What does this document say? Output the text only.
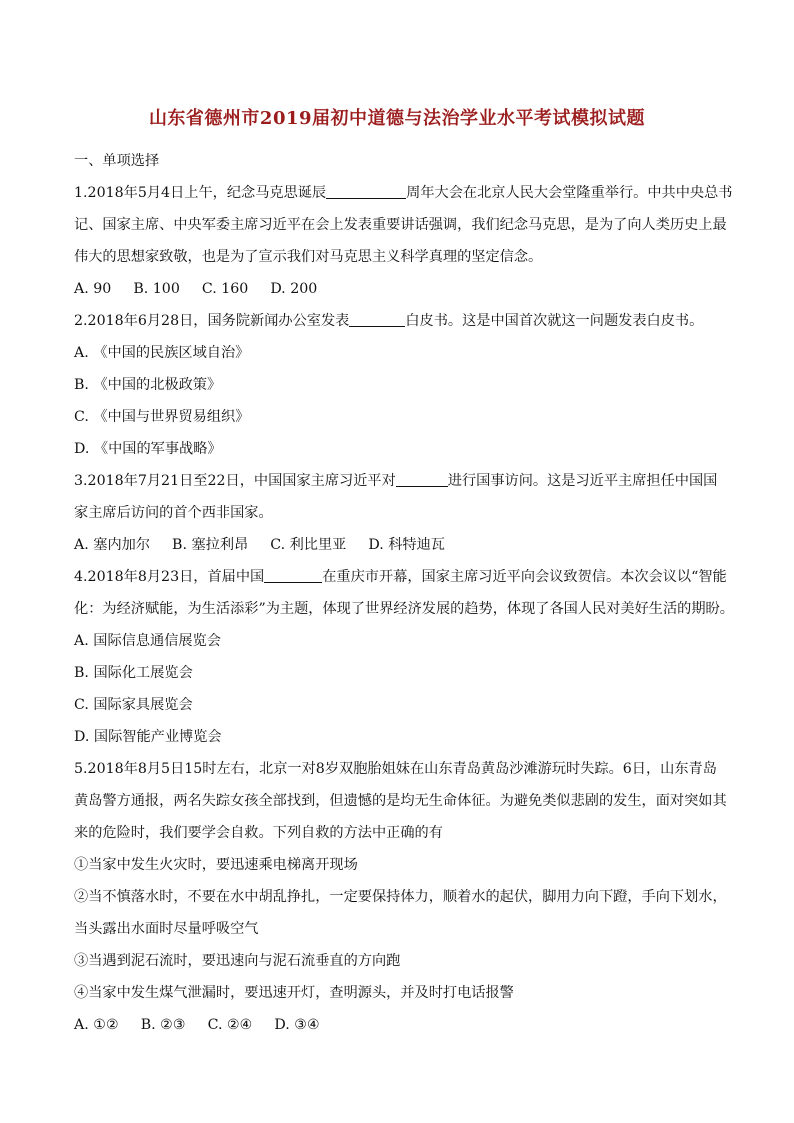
山东省德州市2019届初中道德与法治学业水平考试模拟试题
一、单项选择
1.2018年5月4日上午，纪念马克思诞辰	周年大会在北京人民大会堂隆重举行。中共中央总书
记、国家主席、中央军委主席习近平在会上发表重要讲话强调，我们纪念马克思，是为了向人类历史上最
伟大的思想家致敬，也是为了宣示我们对马克思主义科学真理的坚定信念。
A. 90 B. 100 C. 160 D. 200
2.2018年6月28日，国务院新闻办公室发表	白皮书。这是中国首次就这一问题发表白皮书。
A. 《中国的民族区域自治》
B. 《中国的北极政策》
C. 《中国与世界贸易组织》
D. 《中国的军事战略》
3.2018年7月21日至22日，中国国家主席习近平对	进行国事访问。这是习近平主席担任中国国
家主席后访问的首个西非国家。
A. 塞内加尔 B. 塞拉利昂 C. 利比里亚 D. 科特迪瓦
4.2018年8月23日，首届中国	在重庆市开幕，国家主席习近平向会议致贺信。本次会议以“智能
化：为经济赋能，为生活添彩”为主题，体现了世界经济发展的趋势，体现了各国人民对美好生活的期盼。
A. 国际信息通信展览会
B. 国际化工展览会
C. 国际家具展览会
D. 国际智能产业博览会
5.2018年8月5日15时左右，北京一对8岁双胞胎姐妹在山东青岛黄岛沙滩游玩时失踪。6日，山东青岛
黄岛警方通报，两名失踪女孩全部找到，但遗憾的是均无生命体征。为避免类似悲剧的发生，面对突如其
来的危险时，我们要学会自救。下列自救的方法中正确的有
①当家中发生火灾时，要迅速乘电梯离开现场
②当不慎落水时，不要在水中胡乱挣扎，一定要保持体力，顺着水的起伏，脚用力向下蹬，手向下划水，
当头露出水面时尽量呼吸空气
③当遇到泥石流时，要迅速向与泥石流垂直的方向跑
④当家中发生煤气泄漏时，要迅速开灯，查明源头，并及时打电话报警
A. ①② B. ②③ C. ②④ D. ③④
